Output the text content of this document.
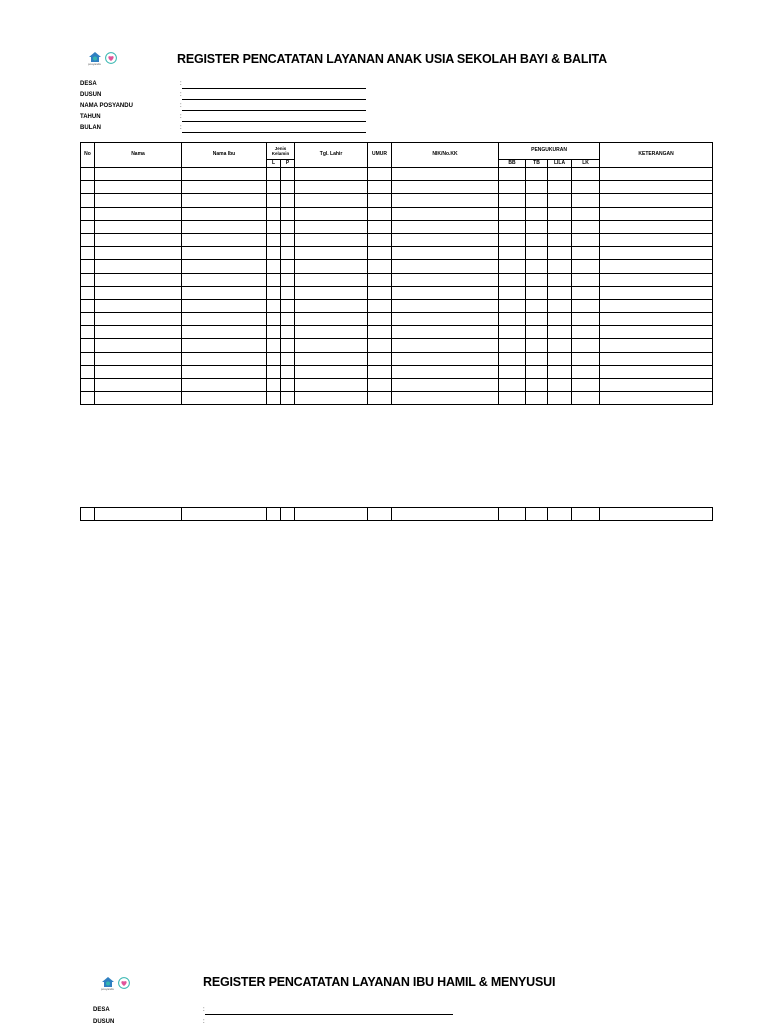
posyandu	REGISTER PENCATATAN LAYANAN ANAK USIA SEKOLAH BAYI & BALITA
DESA	:
DUSUN	:
NAMA POSYANDU	:
TAHUN	:
BULAN	:
No	Nama	Nama Ibu	Jenis Kelamin		Tgl. Lahir	UMUR	NIK/No.KK	PENGUKURAN				KETERANGAN
			L	P				BB	TB	LILA	LK	

posyandu	REGISTER PENCATATAN LAYANAN IBU HAMIL & MENYUSUI
DESA	:
DUSUN	:
